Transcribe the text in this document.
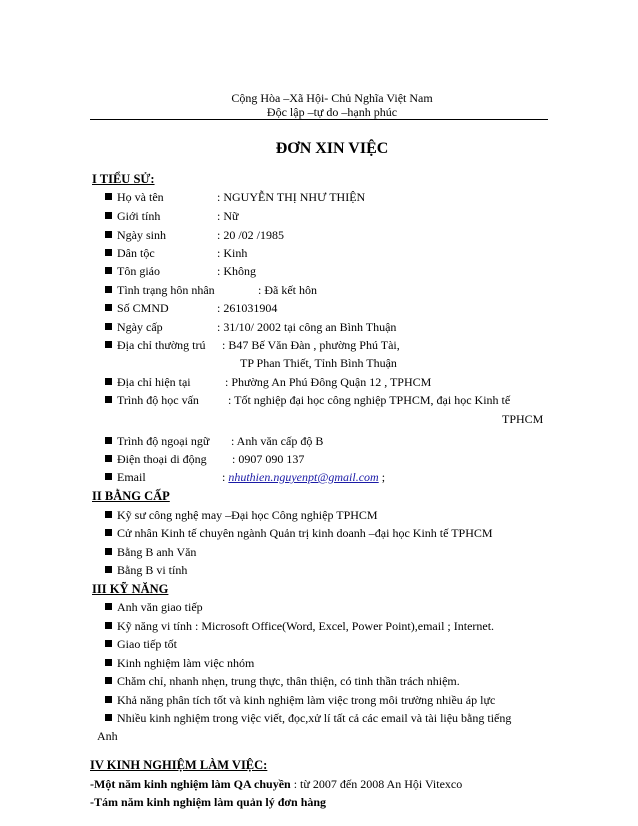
Cộng Hòa –Xã Hội- Chủ Nghĩa Việt Nam
Độc lập –tự do –hạnh phúc
ĐƠN XIN VIỆC
I TIỂU SỬ:
Họ và tên	: NGUYỄN THỊ NHƯ THIỆN
Giới tính	: Nữ
Ngày sinh	: 20 /02 /1985
Dân tộc	: Kinh
Tôn giáo	: Không
Tình trạng hôn nhân	: Đã kết hôn
Số CMND	: 261031904
Ngày cấp	: 31/10/ 2002 tại công an Bình Thuận
Địa chỉ thường trú : B47 Bế Văn Đàn , phường Phú Tài,
TP Phan Thiết, Tỉnh Bình Thuận
Địa chỉ hiện tại	: Phường An Phú Đông Quận 12 , TPHCM
Trình độ học vấn : Tốt nghiệp đại học công nghiệp TPHCM, đại học Kinh tế
TPHCM
Trình độ ngoại ngữ : Anh văn cấp độ B
Điện thoại di động : 0907 090 137
Email	: nhuthien.nguyenpt@gmail.com ;
II BẰNG CẤP
Kỹ sư công nghệ may –Đại học Công nghiệp TPHCM
Cử nhân Kinh tế chuyên ngành Quản trị kinh doanh –đại học Kinh tế TPHCM
Bằng B anh Văn
Bằng B vi tính
III KỸ NĂNG
Anh văn giao tiếp
Kỹ năng vi tính : Microsoft Office(Word, Excel, Power Point),email ; Internet.
Giao tiếp tốt
Kinh nghiệm làm việc nhóm
Chăm chỉ, nhanh nhẹn, trung thực, thân thiện, có tinh thần trách nhiệm.
Khả năng phân tích tốt và kinh nghiệm làm việc trong môi trường nhiều áp lực
Nhiều kinh nghiệm trong việc viết, đọc,xử lí tất cả các email và tài liệu bằng tiếng
Anh
IV KINH NGHIỆM LÀM VIỆC:
-Một năm kinh nghiệm làm QA chuyền : từ 2007 đến 2008 An Hội Vitexco
-Tám năm kinh nghiệm làm quản lý đơn hàng
